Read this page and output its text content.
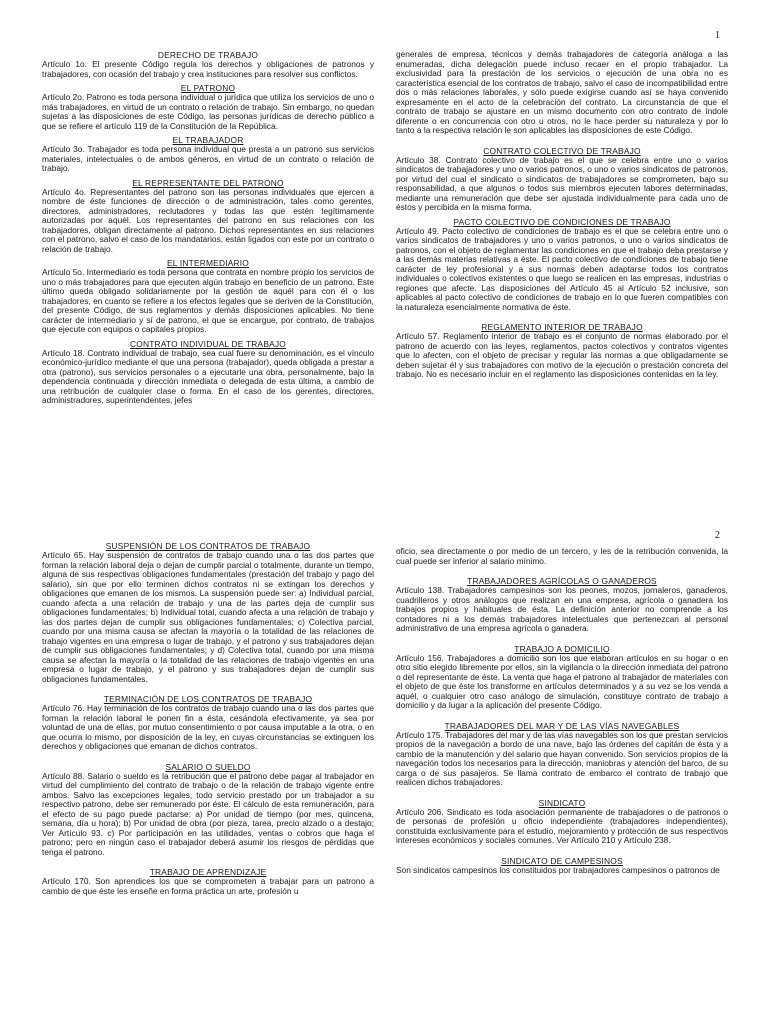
1
DERECHO DE TRABAJO

Artículo 1o. El presente Código regula los derechos y obligaciones de patronos y trabajadores, con ocasión del trabajo y crea instituciones para resolver sus conflictos.

EL PATRONO

Artículo 2o. Patrono es toda persona individual o jurídica que utiliza los servicios de uno o más trabajadores, en virtud de un contrato o relación de trabajo. Sin embargo, no quedan sujetas a las disposiciones de este Código, las personas jurídicas de derecho público a que se refiere el artículo 119 de la Constitución de la República.

EL TRABAJADOR

Artículo 3o. Trabajador es toda persona individual que presta a un patrono sus servicios materiales, intelectuales o de ambos géneros, en virtud de un contrato o relación de trabajo.

EL REPRESENTANTE DEL PATRONO

Artículo 4o. Representantes del patrono son las personas individuales que ejercen a nombre de éste funciones de dirección o de administración, tales como gerentes, directores, administradores, reclutadores y todas las que estén legítimamente autorizadas por aquél. Los representantes del patrono en sus relaciones con los trabajadores, obligan directamente al patrono. Dichos representantes en sus relaciones con el patrono, salvo el caso de los mandatarios, están ligados con este por un contrato o relación de trabajo.

EL INTERMEDIARIO

Artículo 5o. Intermediario es toda persona que contrata en nombre propio los servicios de uno o más trabajadores para que ejecuten algún trabajo en beneficio de un patrono. Este último queda obligado solidariamente por la gestión de aquél para con él o los trabajadores, en cuanto se refiere a los efectos legales que se deriven de la Constitución, del presente Código, de sus reglamentos y demás disposiciones aplicables. No tiene carácter de intermediario y sí de patrono, el que se encargue, por contrato, de trabajos que ejecute con equipos o capitales propios.

CONTRATO INDIVIDUAL DE TRABAJO

Artículo 18. Contrato individual de trabajo, sea cual fuere su denominación, es el vínculo económico-jurídico mediante el que una persona (trabajador), queda obligada a prestar a otra (patrono), sus servicios personales o a ejecutarle una obra, personalmente, bajo la dependencia continuada y dirección inmediata o delegada de esta última, a cambio de una retribución de cualquier clase o forma. En el caso de los gerentes, directores, administradores, superintendentes, jefes

generales de empresa, técnicos y demás trabajadores de categoría análoga a las enumeradas, dicha delegación puede incluso recaer en el propio trabajador. La exclusividad para la prestación de los servicios o ejecución de una obra no es característica esencial de los contratos de trabajo, salvo el caso de incompatibilidad entre dos o más relaciones laborales, y sólo puede exigirse cuando así se haya convenido expresamente en el acto de la celebración del contrato. La circunstancia de que el contrato de trabajo se ajustare en un mismo documento con otro contrato de índole diferente o en concurrencia con otro u otros, no le hace perder su naturaleza y por lo tanto a la respectiva relación le son aplicables las disposiciones de este Código.

CONTRATO COLECTIVO DE TRABAJO

Artículo 38. Contrato colectivo de trabajo es el que se celebra entre uno o varios sindicatos de trabajadores y uno o varios patronos, o uno o varios sindicatos de patronos, por virtud del cual el sindicato o sindicatos de trabajadores se comprometen, bajo su responsabilidad, a que algunos o todos sus miembros ejecuten labores determinadas, mediante una remuneración que debe ser ajustada individualmente para cada uno de éstos y percibida en la misma forma.

PACTO COLECTIVO DE CONDICIONES DE TRABAJO

Artículo 49. Pacto colectivo de condiciones de trabajo es el que se celebra entre uno o varios sindicatos de trabajadores y uno o varios patronos, o uno o varios sindicatos de patronos, con el objeto de reglamentar las condiciones en que el trabajo deba prestarse y a las demás materias relativas a éste. El pacto colectivo de condiciones de trabajo tiene carácter de ley profesional y a sus normas deben adaptarse todos los contratos individuales o colectivos existentes o que luego se realicen en las empresas, industrias o regiones que afecte. Las disposiciones del Artículo 45 al Artículo 52 inclusive, son aplicables al pacto colectivo de condiciones de trabajo en lo que fueren compatibles con la naturaleza esencialmente normativa de éste.

REGLAMENTO INTERIOR DE TRABAJO

Artículo 57. Reglamento interior de trabajo es el conjunto de normas elaborado por el patrono de acuerdo con las leyes, reglamentos, pactos colectivos y contratos vigentes que lo afecten, con el objeto de precisar y regular las normas a que obligadamente se deben sujetar él y sus trabajadores con motivo de la ejecución o prestación concreta del trabajo. No es necesario incluir en el reglamento las disposiciones contenidas en la ley.

2
SUSPENSIÓN DE LOS CONTRATOS DE TRABAJO

Artículo 65. Hay suspensión de contratos de trabajo cuando una o las dos partes que forman la relación laboral deja o dejan de cumplir parcial o totalmente, durante un tiempo, alguna de sus respectivas obligaciones fundamentales (prestación del trabajo y pago del salario), sin que por ello terminen dichos contratos ni se extingan los derechos y obligaciones que emanen de los mismos. La suspensión puede ser: a) Individual parcial, cuando afecta a una relación de trabajo y una de las partes deja de cumplir sus obligaciones fundamentales; b) Individual total, cuando afecta a una relación de trabajo y las dos partes dejan de cumplir sus obligaciones fundamentales; c) Colectiva parcial, cuando por una misma causa se afectan la mayoría o la totalidad de las relaciones de trabajo vigentes en una empresa o lugar de trabajo, y el patrono y sus trabajadores dejan de cumplir sus obligaciones fundamentales; y d) Colectiva total, cuando por una misma causa se afectan la mayoría o la totalidad de las relaciones de trabajo vigentes en una empresa o lugar de trabajo, y el patrono y sus trabajadores dejan de cumplir sus obligaciones fundamentales.

TERMINACIÓN DE LOS CONTRATOS DE TRABAJO

Artículo 76. Hay terminación de los contratos de trabajo cuando una o las dos partes que forman la relación laboral le ponen fin a ésta, cesándola efectivamente, ya sea por voluntad de una de ellas, por mutuo consentimiento o por causa imputable a la otra, o en que ocurra lo mismo, por disposición de la ley, en cuyas circunstancias se extinguen los derechos y obligaciones que emanan de dichos contratos.

SALARIO O SUELDO

Artículo 88. Salario o sueldo es la retribución que el patrono debe pagar al trabajador en virtud del cumplimiento del contrato de trabajo o de la relación de trabajo vigente entre ambos. Salvo las excepciones legales, todo servicio prestado por un trabajador a su respectivo patrono, debe ser remunerado por éste. El cálculo de esta remuneración, para el efecto de su pago puede pactarse: a) Por unidad de tiempo (por mes, quincena, semana, día u hora); b) Por unidad de obra (por pieza, tarea, precio alzado o a destajo; Ver Artículo 93. c) Por participación en las utilidades, ventas o cobros que haga el patrono; pero en ningún caso el trabajador deberá asumir los riesgos de pérdidas que tenga el patrono.

TRABAJO DE APRENDIZAJE

Artículo 170. Son aprendices los que se comprometen a trabajar para un patrono a cambio de que éste les enseñe en forma práctica un arte, profesión u

oficio, sea directamente o por medio de un tercero, y les de la retribución convenida, la cual puede ser inferior al salario mínimo.

TRABAJADORES AGRÍCOLAS O GANADEROS

Artículo 138. Trabajadores campesinos son los peones, mozos, jornaleros, ganaderos, cuadrilleros y otros análogos que realizan en una empresa, agrícola o ganadera los trabajos propios y habituales de ésta. La definición anterior no comprende a los contadores ni a los demás trabajadores intelectuales que pertenezcan al personal administrativo de una empresa agrícola o ganadera.

TRABAJO A DOMICILIO

Artículo 156. Trabajadores a domicilio son los que elaboran artículos en su hogar o en otro sitio elegido libremente por ellos, sin la vigilancia o la dirección inmediata del patrono o del representante de éste. La venta que haga el patrono al trabajador de materiales con el objeto de que éste los transforme en artículos determinados y a su vez se los venda a aquél, o cualquier otro caso análogo de simulación, constituye contrato de trabajo a domicilio y da lugar a la aplicación del presente Código.

TRABAJADORES DEL MAR Y DE LAS VÍAS NAVEGABLES

Artículo 175. Trabajadores del mar y de las vías navegables son los que prestan servicios propios de la navegación a bordo de una nave, bajo las órdenes del capitán de ésta y a cambio de la manutención y del salario que hayan convenido. Son servicios propios de la navegación todos los necesarios para la dirección, maniobras y atención del barco, de su carga o de sus pasajeros. Se llama contrato de embarco el contrato de trabajo que realicen dichos trabajadores.

SINDICATO

Artículo 206. Sindicato es toda asociación permanente de trabajadores o de patronos o de personas de profesión u oficio independiente (trabajadores independientes), constituida exclusivamente para el estudio, mejoramiento y protección de sus respectivos intereses económicos y sociales comunes. Ver Artículo 210 y Artículo 238.

SINDICATO DE CAMPESINOS

Son sindicatos campesinos los constituidos por trabajadores campesinos o patronos de
